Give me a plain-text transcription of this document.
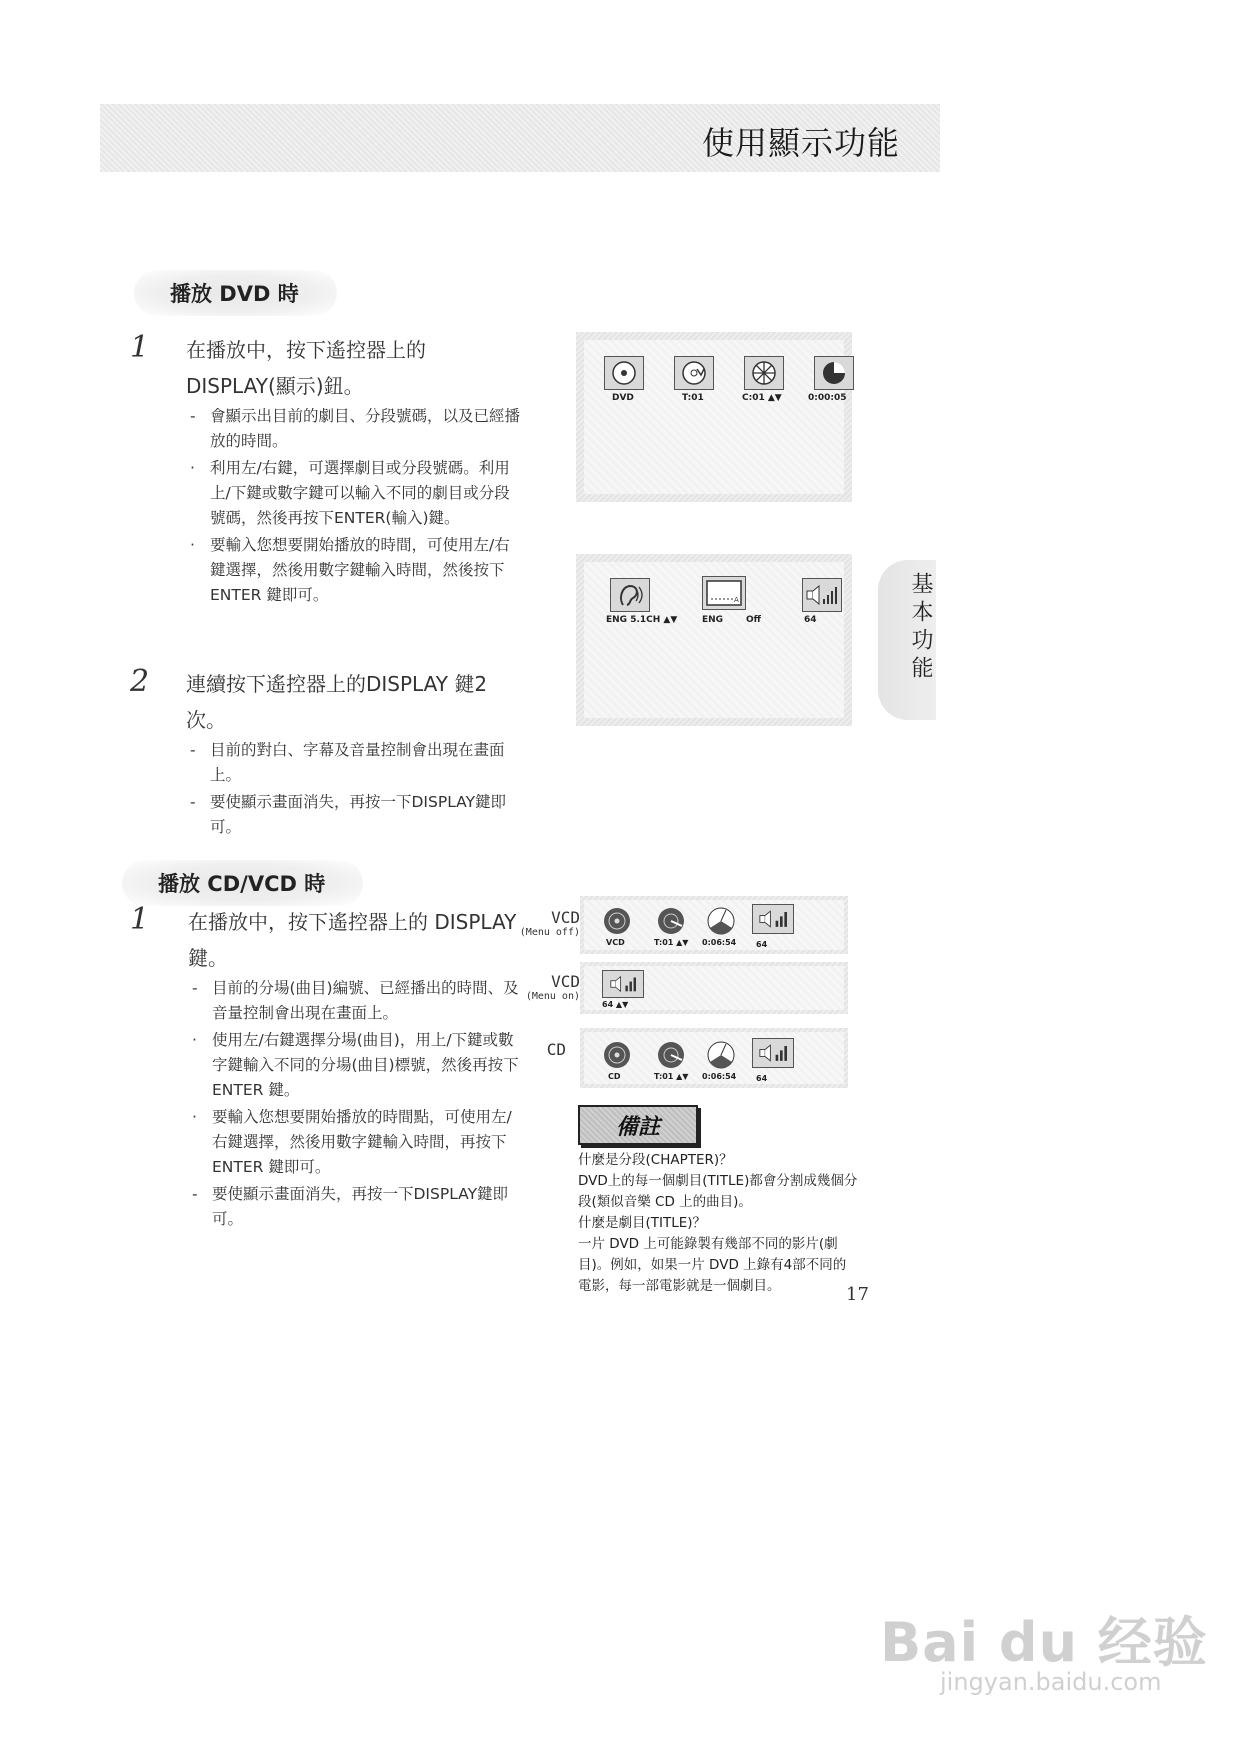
使用顯示功能
基本功能
播放 DVD 時
1 在播放中，按下遙控器上的 DISPLAY(顯示)鈕。
- 會顯示出目前的劇目、分段號碼，以及已經播放的時間。
· 利用左/右鍵，可選擇劇目或分段號碼。利用上/下鍵或數字鍵可以輸入不同的劇目或分段號碼，然後再按下ENTER(輸入)鍵。
· 要輸入您想要開始播放的時間，可使用左/右鍵選擇，然後用數字鍵輸入時間，然後按下 ENTER 鍵即可。
2 連續按下遙控器上的DISPLAY 鍵2次。
- 目前的對白、字幕及音量控制會出現在畫面上。
- 要使顯示畫面消失，再按一下DISPLAY鍵即可。
DVD	T:01	C:01 ▲▼	0:00:05
A
ENG 5.1CH ▲▼	ENG	Off	64
播放 CD/VCD 時
1 在播放中，按下遙控器上的 DISPLAY 鍵。
- 目前的分場(曲目)編號、已經播出的時間、及音量控制會出現在畫面上。
· 使用左/右鍵選擇分場(曲目)，用上/下鍵或數字鍵輸入不同的分場(曲目)標號，然後再按下 ENTER 鍵。
· 要輸入您想要開始播放的時間點，可使用左/右鍵選擇，然後用數字鍵輸入時間，再按下 ENTER 鍵即可。
- 要使顯示畫面消失，再按一下DISPLAY鍵即可。
VCD
(Menu off)
VCD
(Menu on)
CD
VCD	T:01 ▲▼ 0:06:54 64
64 ▲▼
CD	T:01 ▲▼ 0:06:54 64
備註
什麼是分段(CHAPTER)？
DVD上的每一個劇目(TITLE)都會分割成幾個分段(類似音樂 CD 上的曲目)。
什麼是劇目(TITLE)？
一片 DVD 上可能錄製有幾部不同的影片(劇目)。例如，如果一片 DVD 上錄有4部不同的電影，每一部電影就是一個劇目。	17
Bai du 经验
jingyan.baidu.com
